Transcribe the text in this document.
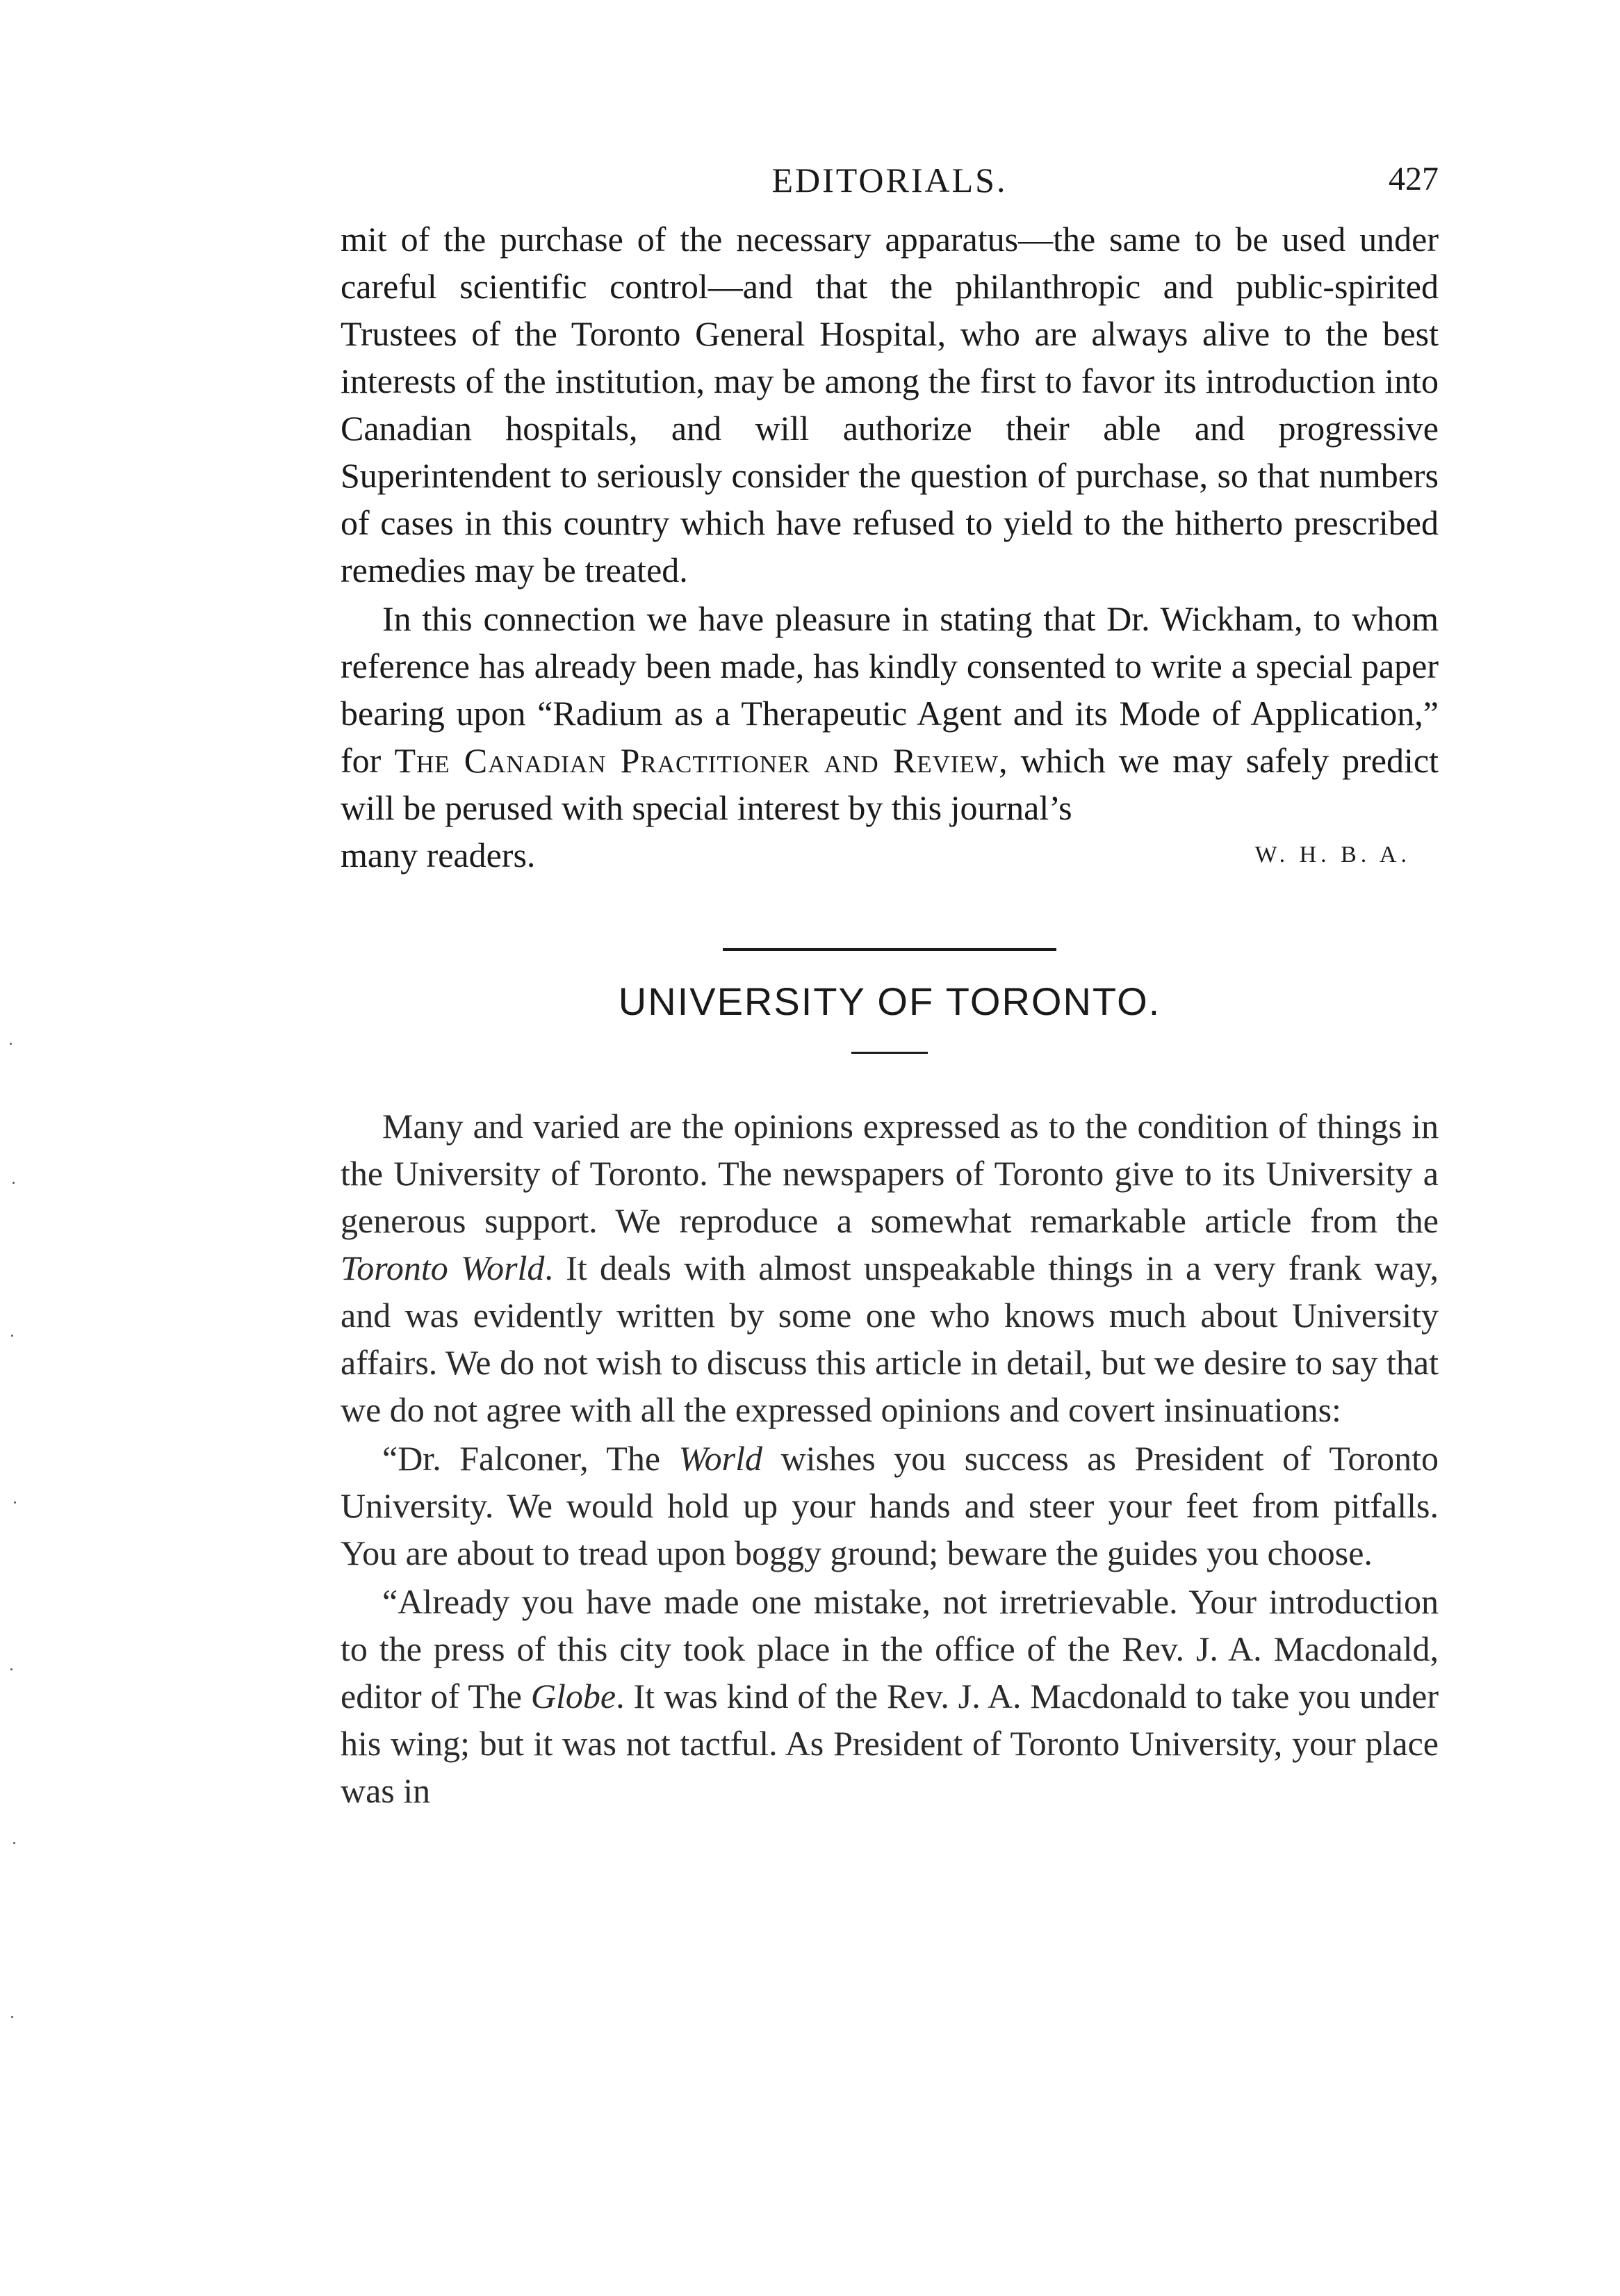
EDITORIALS.	427

mit of the purchase of the necessary apparatus—the same to be used under careful scientific control—and that the philanthropic and public-spirited Trustees of the Toronto General Hospital, who are always alive to the best interests of the institution, may be among the first to favor its introduction into Canadian hospitals, and will authorize their able and progressive Superintendent to seriously consider the question of purchase, so that numbers of cases in this country which have refused to yield to the hitherto prescribed remedies may be treated.

In this connection we have pleasure in stating that Dr. Wickham, to whom reference has already been made, has kindly consented to write a special paper bearing upon “Radium as a Therapeutic Agent and its Mode of Application,” for The Canadian Practitioner and Review, which we may safely predict will be perused with special interest by this journal’s

many readers.	W. H. B. A.
UNIVERSITY OF TORONTO.

Many and varied are the opinions expressed as to the condition of things in the University of Toronto. The newspapers of Toronto give to its University a generous support. We reproduce a somewhat remarkable article from the Toronto World. It deals with almost unspeakable things in a very frank way, and was evidently written by some one who knows much about University affairs. We do not wish to discuss this article in detail, but we desire to say that we do not agree with all the expressed opinions and covert insinuations:

“Dr. Falconer, The World wishes you success as President of Toronto University. We would hold up your hands and steer your feet from pitfalls. You are about to tread upon boggy ground; beware the guides you choose.

“Already you have made one mistake, not irretrievable. Your introduction to the press of this city took place in the office of the Rev. J. A. Macdonald, editor of The Globe. It was kind of the Rev. J. A. Macdonald to take you under his wing; but it was not tactful. As President of Toronto University, your place was in
